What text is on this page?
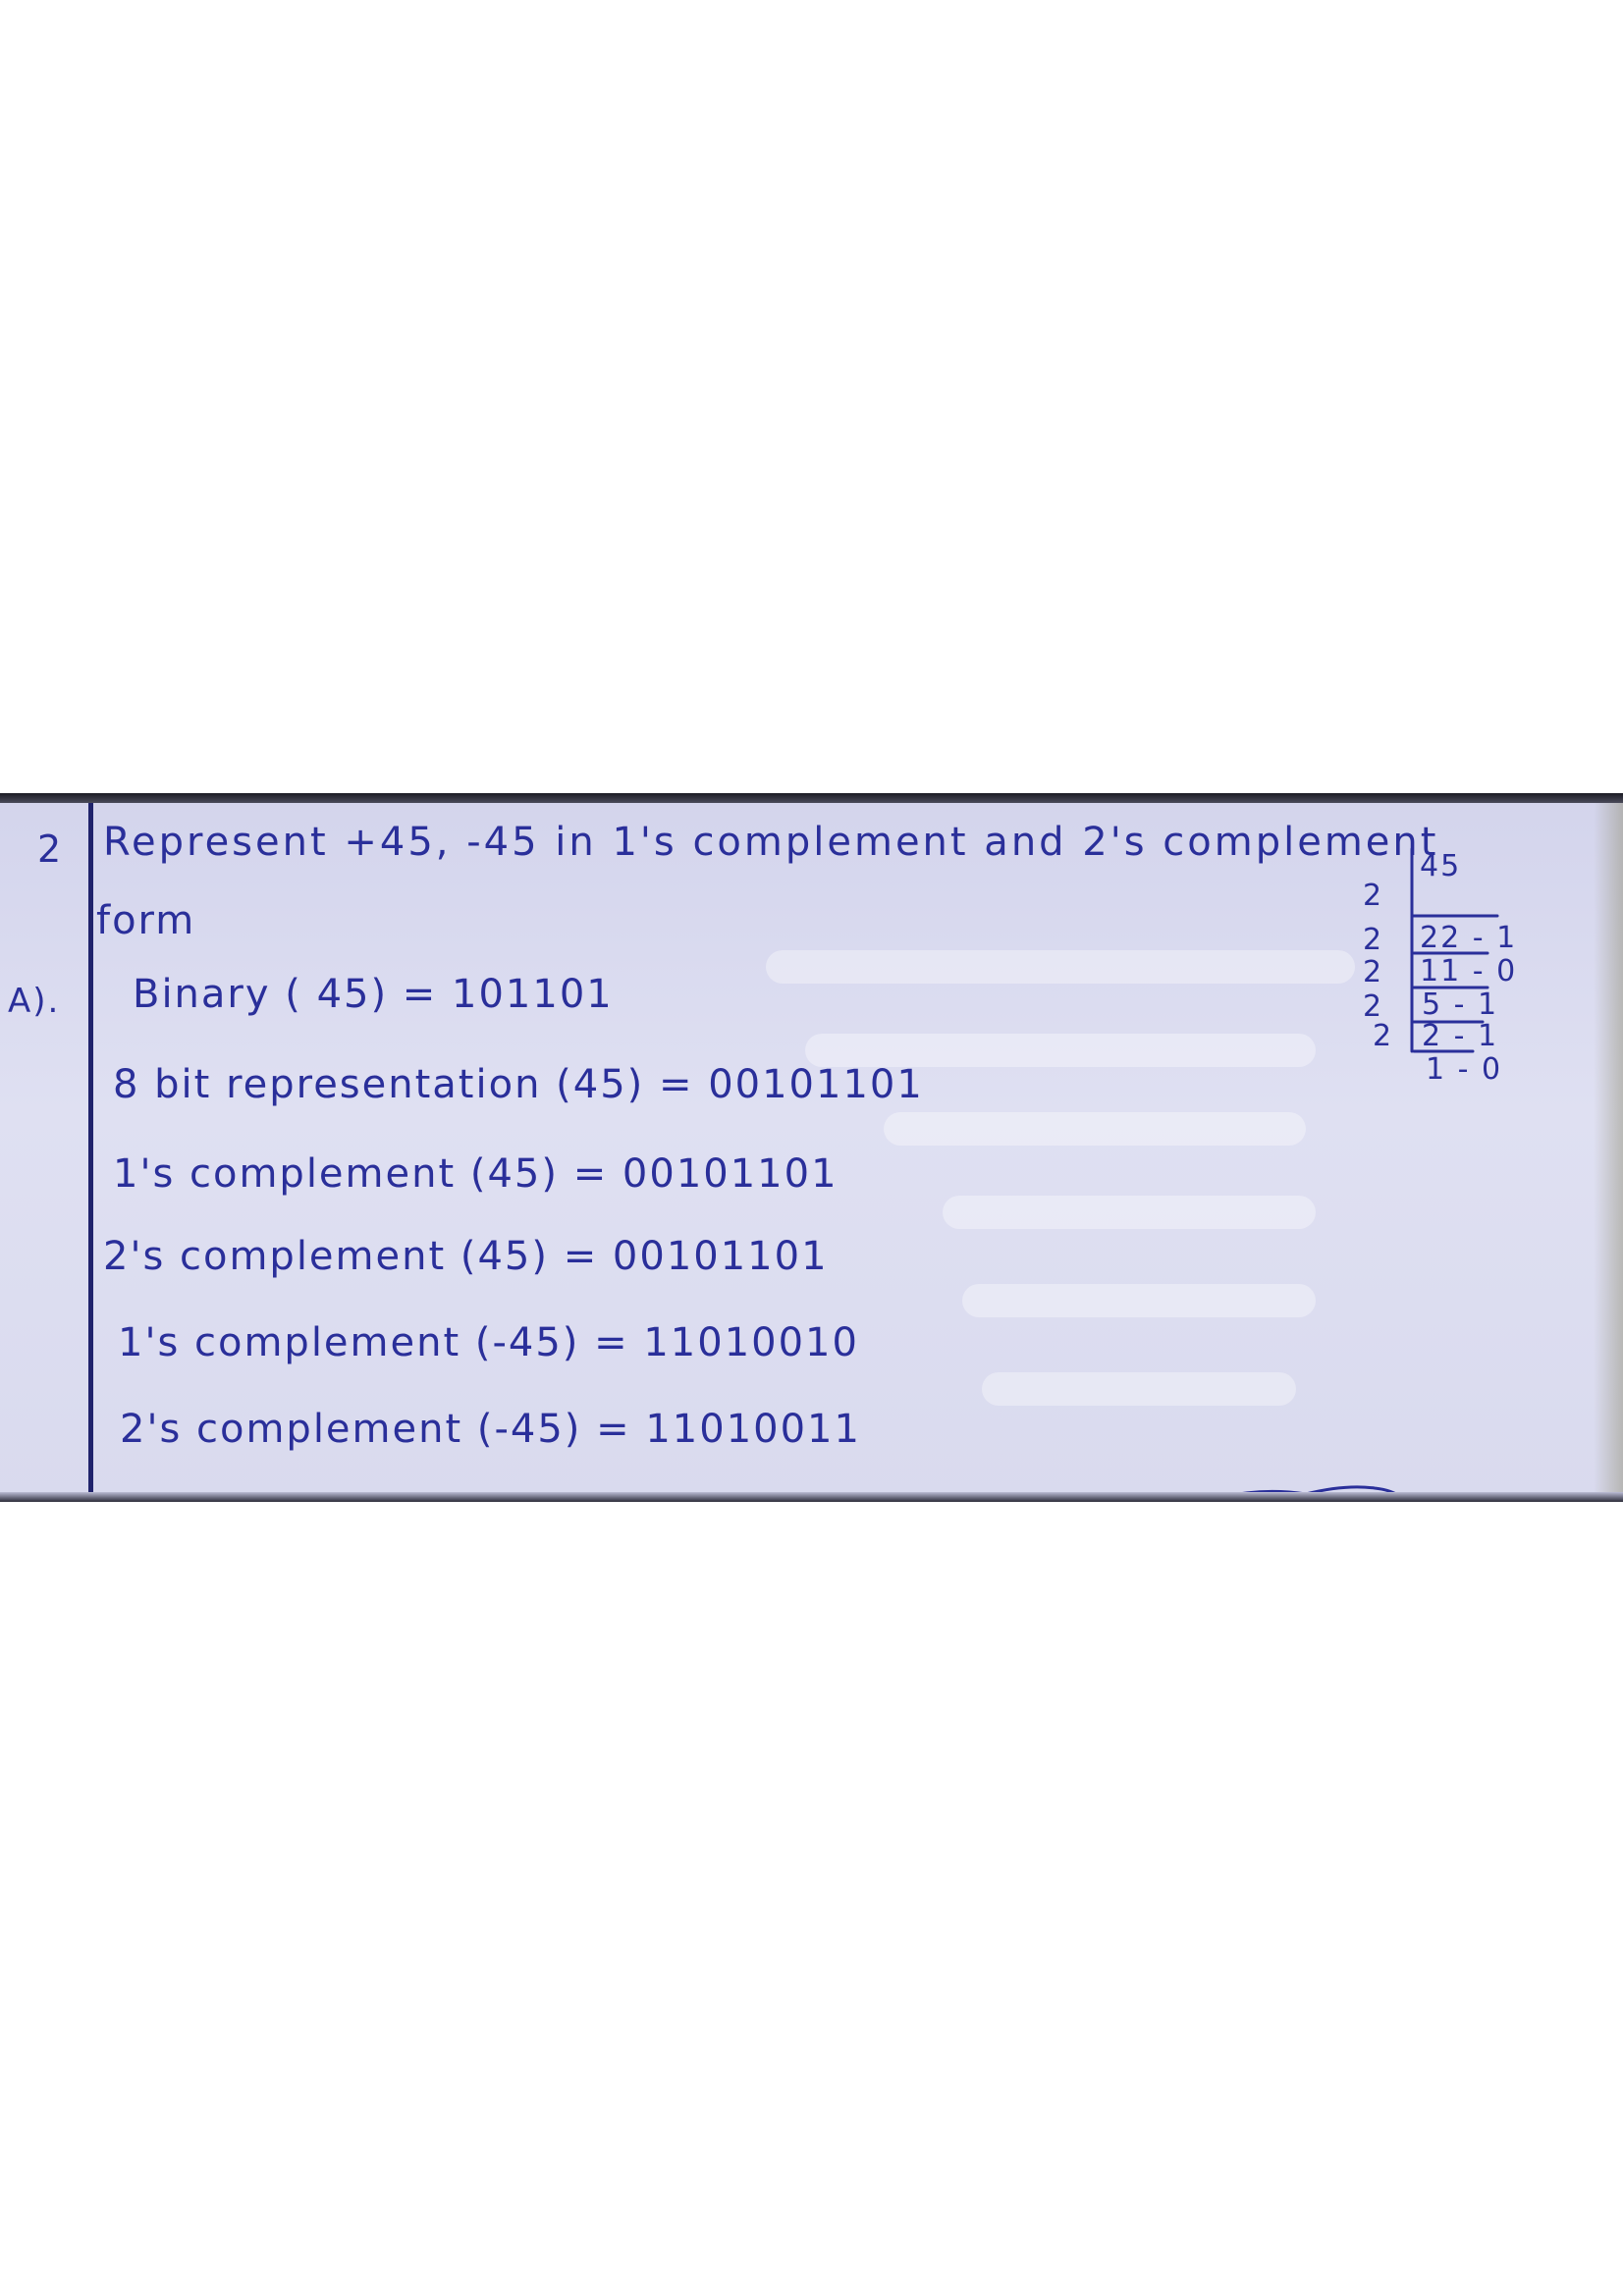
2 Represent +45, -45 in 1's complement and 2's complement
form
A). Binary ( 45) = 101101
8 bit representation (45) = 00101101
1's complement (45) = 00101101
2's complement (45) = 00101101
1's complement (-45) = 11010010
2's complement (-45) = 11010011
2
45
2 22 - 1
2 11 - 0
2 5 - 1
2 2 - 1
1 - 0
